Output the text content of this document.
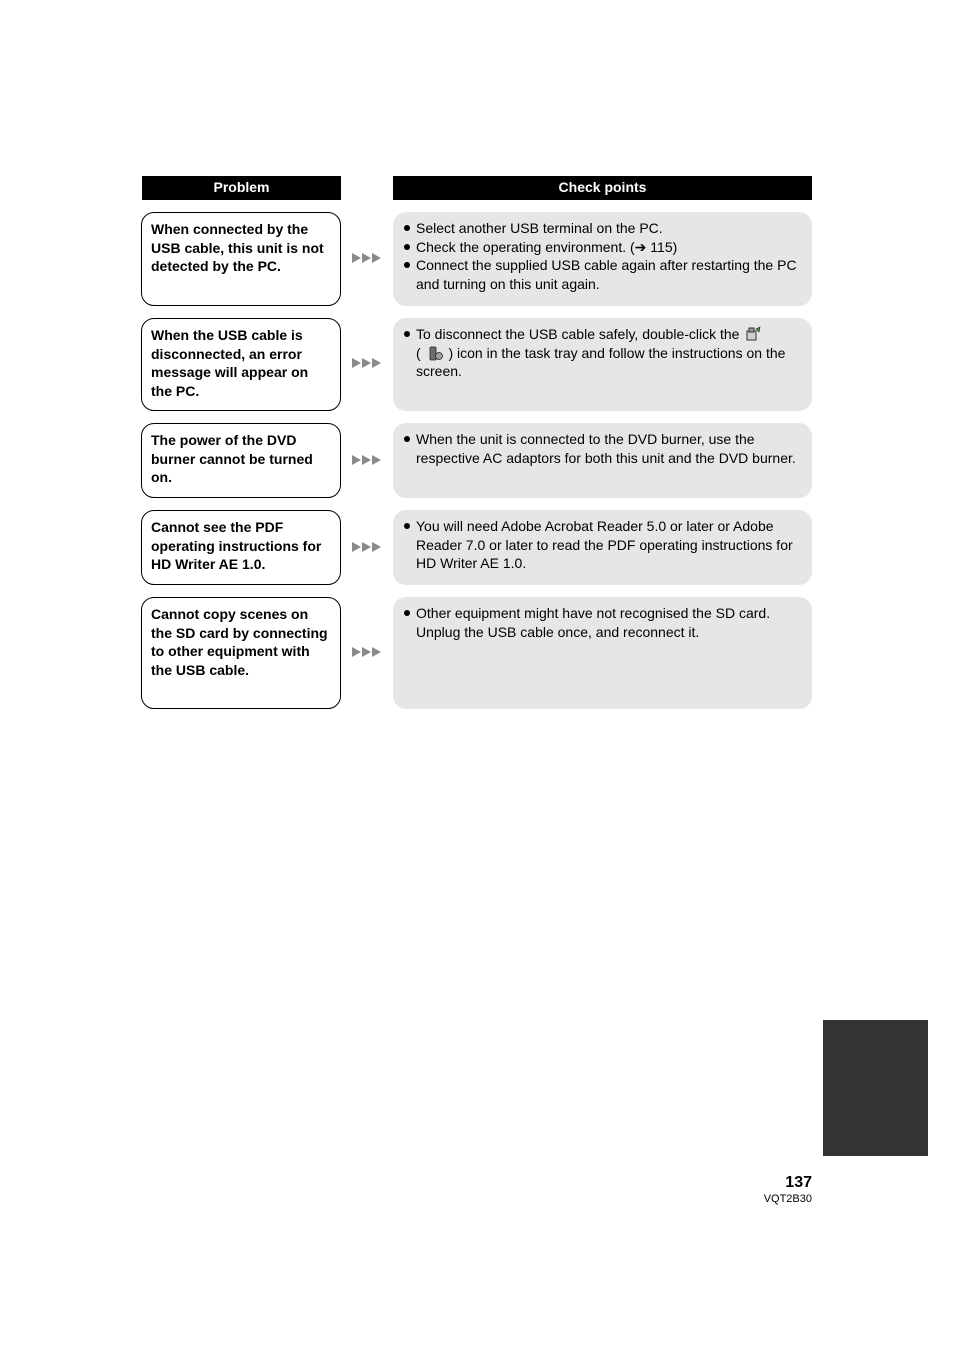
Problem	Check points
When connected by the USB cable, this unit is not detected by the PC.
Select another USB terminal on the PC.
Check the operating environment. (➔ 115)
Connect the supplied USB cable again after restarting the PC and turning on this unit again.
When the USB cable is disconnected, an error message will appear on the PC.
To disconnect the USB cable safely, double-click the
( ) icon in the task tray and follow the instructions on the screen.
The power of the DVD burner cannot be turned on.
When the unit is connected to the DVD burner, use the respective AC adaptors for both this unit and the DVD burner.
Cannot see the PDF operating instructions for HD Writer AE 1.0.
You will need Adobe Acrobat Reader 5.0 or later or Adobe Reader 7.0 or later to read the PDF operating instructions for HD Writer AE 1.0.
Cannot copy scenes on the SD card by connecting to other equipment with the USB cable.
Other equipment might have not recognised the SD card. Unplug the USB cable once, and reconnect it.
137
VQT2B30
